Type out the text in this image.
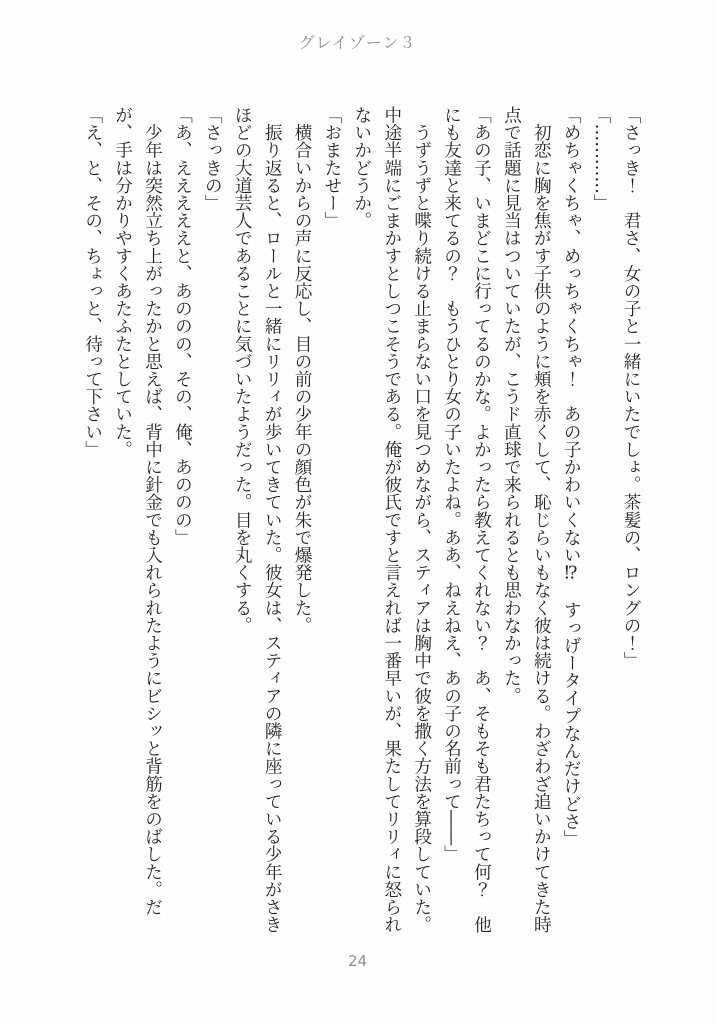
グレイゾーン３

「さっき！　君さ、女の子と一緒にいたでしょ。茶髪の、ロングの！」

「…………」

「めちゃくちゃ、めっちゃくちゃ！　あの子かわいくない⁉　すっげータイプなんだけどさ」

　初恋に胸を焦がす子供のように頬を赤くして、恥じらいもなく彼は続ける。わざわざ追いかけてきた時

点で話題に見当はついていたが、こうド直球で来られるとも思わなかった。

「あの子、いまどこに行ってるのかな。よかったら教えてくれない？　あ、そもそも君たちって何？　他

にも友達と来てるの？　もうひとり女の子いたよね。ああ、ねえねえ、あの子の名前って――」

　うずうずと喋り続ける止まらない口を見つめながら、スティアは胸中で彼を撒く方法を算段していた。

中途半端にごまかすとしつこそうである。俺が彼氏ですと言えれば一番早いが、果たしてリリィに怒られ

ないかどうか。

「おまたせー」

　横合いからの声に反応し、目の前の少年の顔色が朱で爆発した。

　振り返ると、ロールと一緒にリリィが歩いてきていた。彼女は、スティアの隣に座っている少年がさき

ほどの大道芸人であることに気づいたようだった。目を丸くする。

「さっきの」

「あ、えええええと、あののの、その、俺、あののの」

　少年は突然立ち上がったかと思えば、背中に針金でも入れられたようにビシッと背筋をのばした。だ

が、手は分かりやすくあたふたとしていた。

「え、と、その、ちょっと、待って下さい」

24
